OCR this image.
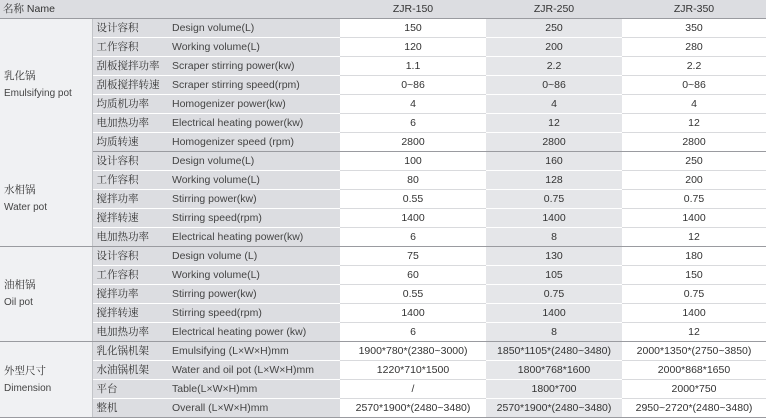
名称 Name			ZJR-150	ZJR-250	ZJR-350

乳化锅
Emulsifying pot	设计容积	Design volume(L)	150	250	350
	工作容积	Working volume(L)	120	200	280
	刮板搅拌功率	Scraper stirring power(kw)	1.1	2.2	2.2
	刮板搅拌转速	Scraper stirring speed(rpm)	0~86	0~86	0~86
	均质机功率	Homogenizer power(kw)	4	4	4
	电加热功率	Electrical heating power(kw)	6	12	12
	均质转速	Homogenizer speed (rpm)	2800	2800	2800

水相锅
Water pot	设计容积	Design volume(L)	100	160	250
	工作容积	Working volume(L)	80	128	200
	搅拌功率	Stirring power(kw)	0.55	0.75	0.75
	搅拌转速	Stirring speed(rpm)	1400	1400	1400
	电加热功率	Electrical heating power(kw)	6	8	12

油相锅
Oil pot	设计容积	Design volume (L)	75	130	180
	工作容积	Working volume(L)	60	105	150
	搅拌功率	Stirring power(kw)	0.55	0.75	0.75
	搅拌转速	Stirring speed(rpm)	1400	1400	1400
	电加热功率	Electrical heating power (kw)	6	8	12

外型尺寸
Dimension	乳化锅机架	Emulsifying (L×W×H)mm	1900*780*(2380~3000)	1850*1105*(2480~3480)	2000*1350*(2750~3850)
	水油锅机架	Water and oil pot (L×W×H)mm	1220*710*1500	1800*768*1600	2000*868*1650
	平台	Table(L×W×H)mm	/	1800*700	2000*750
	整机	Overall (L×W×H)mm	2570*1900*(2480~3480)	2570*1900*(2480~3480)	2950~2720*(2480~3480)
